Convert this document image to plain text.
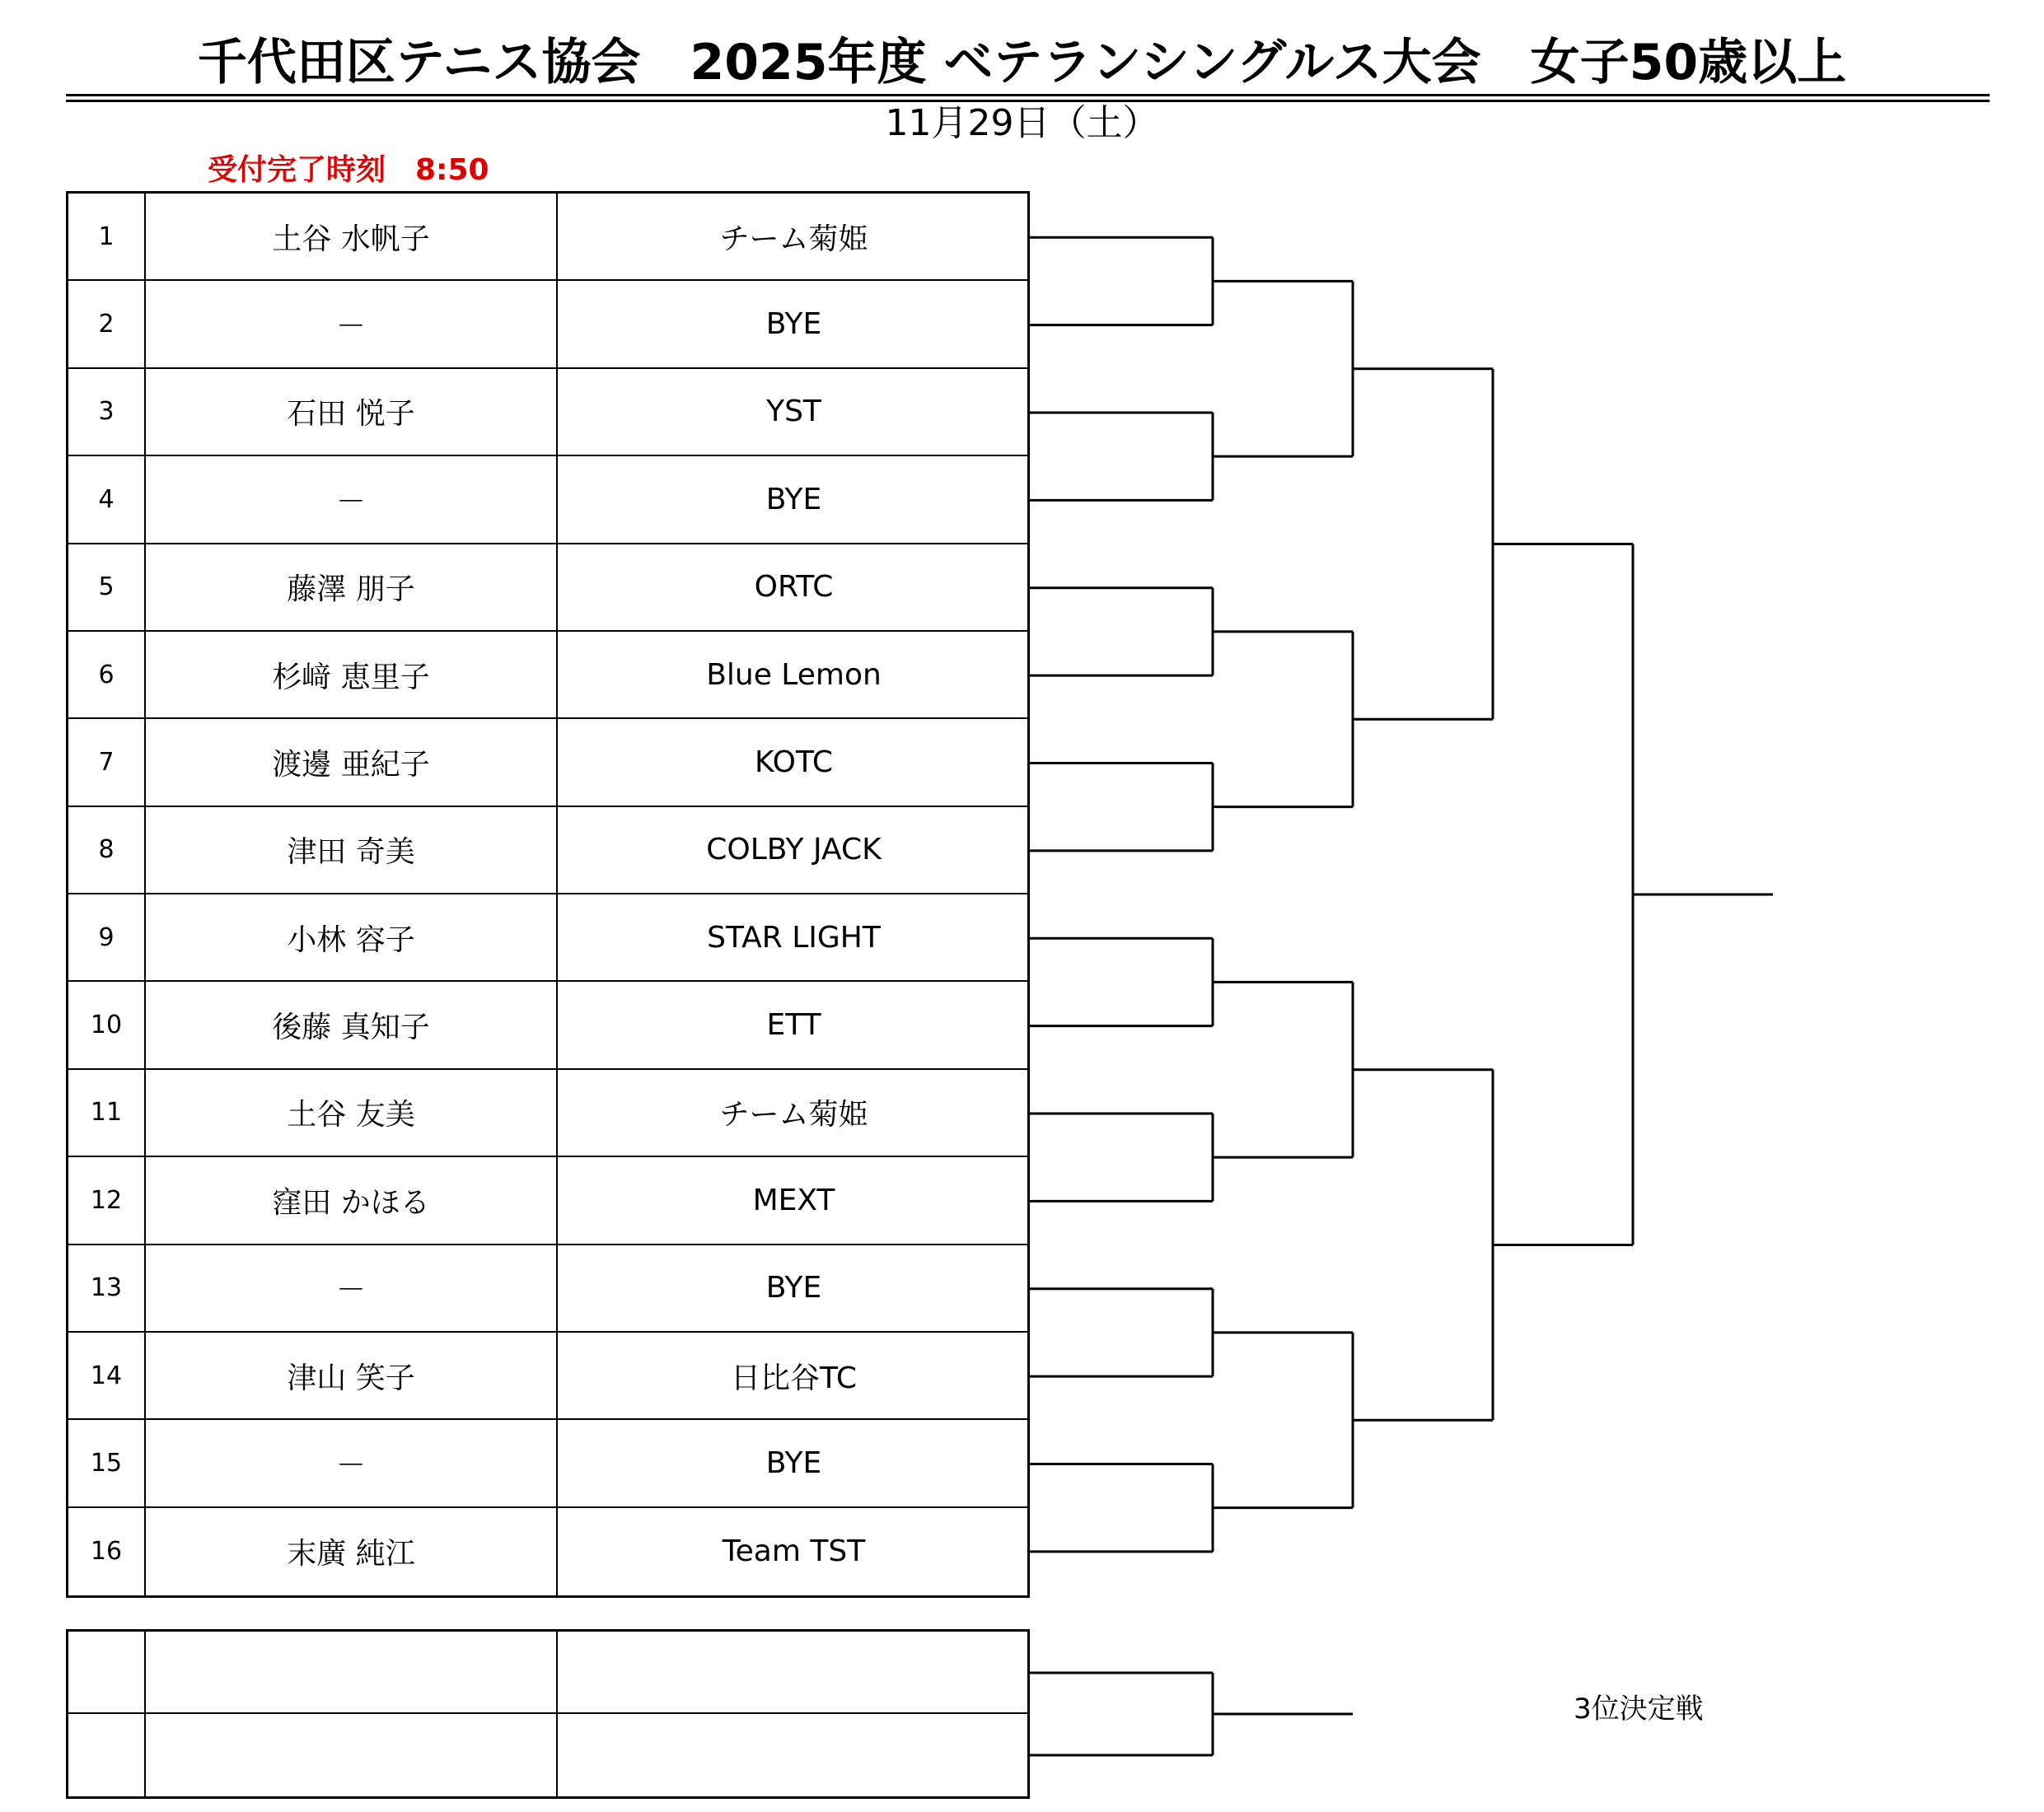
千代田区テニス協会　2025年度 ベテランシングルス大会　女子50歳以上
11月29日（土）
受付完了時刻　8:50
1	土谷 水帆子	チーム菊姫
2	－	BYE
3	石田 悦子	YST
4	－	BYE
5	藤澤 朋子	ORTC
6	杉﨑 恵里子	Blue Lemon
7	渡邊 亜紀子	KOTC
8	津田 奇美	COLBY JACK
9	小林 容子	STAR LIGHT
10	後藤 真知子	ETT
11	土谷 友美	チーム菊姫
12	窪田 かほる	MEXT
13	－	BYE
14	津山 笑子	日比谷TC
15	－	BYE
16	末廣 純江	Team TST
3位決定戦
